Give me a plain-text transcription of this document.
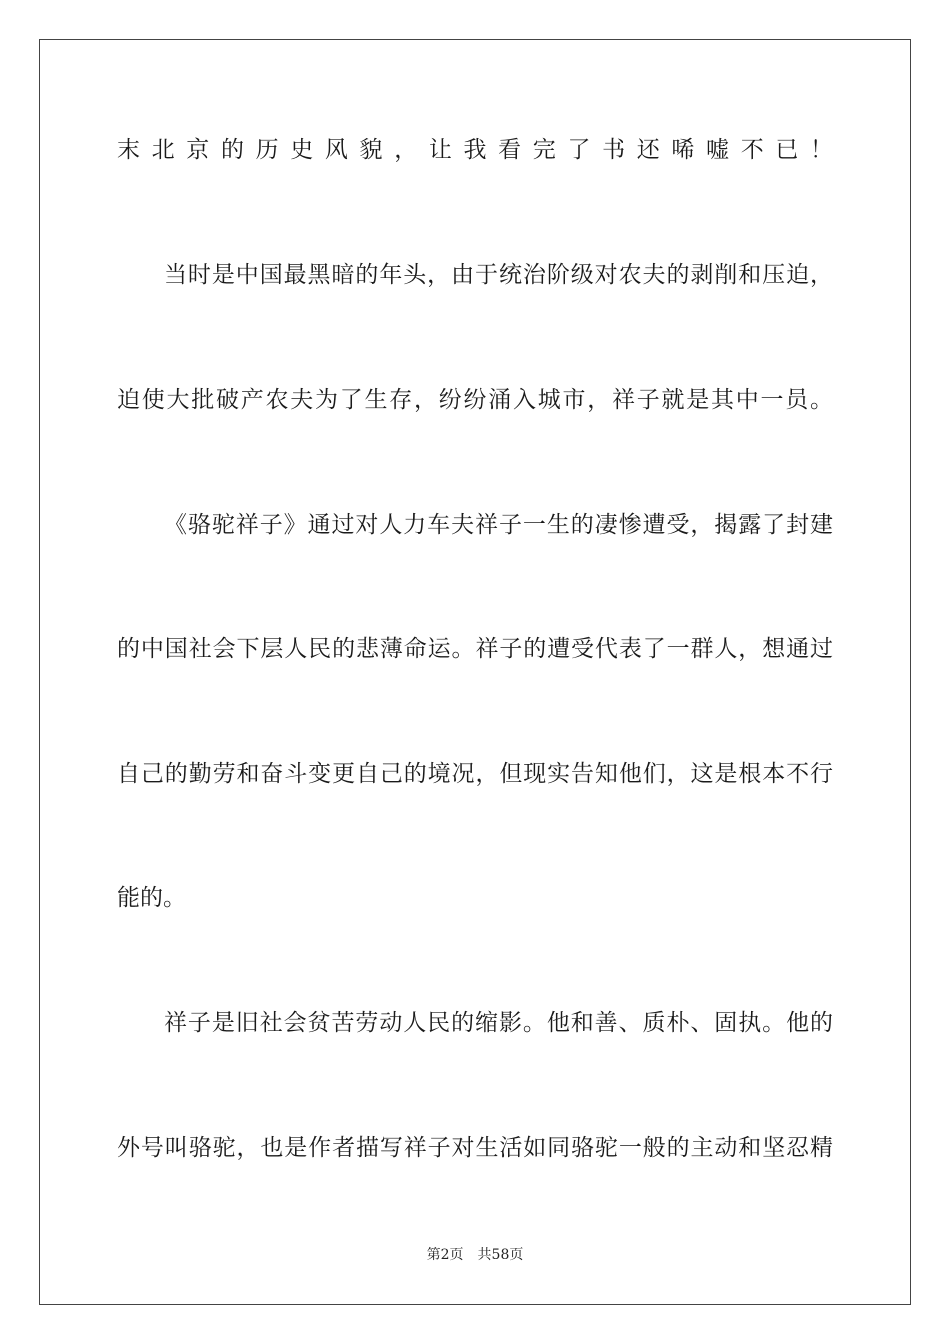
末北京的历史风貌，让我看完了书还唏嘘不已！
当时是中国最黑暗的年头，由于统治阶级对农夫的剥削和压迫，
迫使大批破产农夫为了生存，纷纷涌入城市，祥子就是其中一员。
《骆驼祥子》通过对人力车夫祥子一生的凄惨遭受，揭露了封建
的中国社会下层人民的悲薄命运。祥子的遭受代表了一群人，想通过
自己的勤劳和奋斗变更自己的境况，但现实告知他们，这是根本不行
能的。
祥子是旧社会贫苦劳动人民的缩影。他和善、质朴、固执。他的
外号叫骆驼，也是作者描写祥子对生活如同骆驼一般的主动和坚忍精
第2页 共58页
